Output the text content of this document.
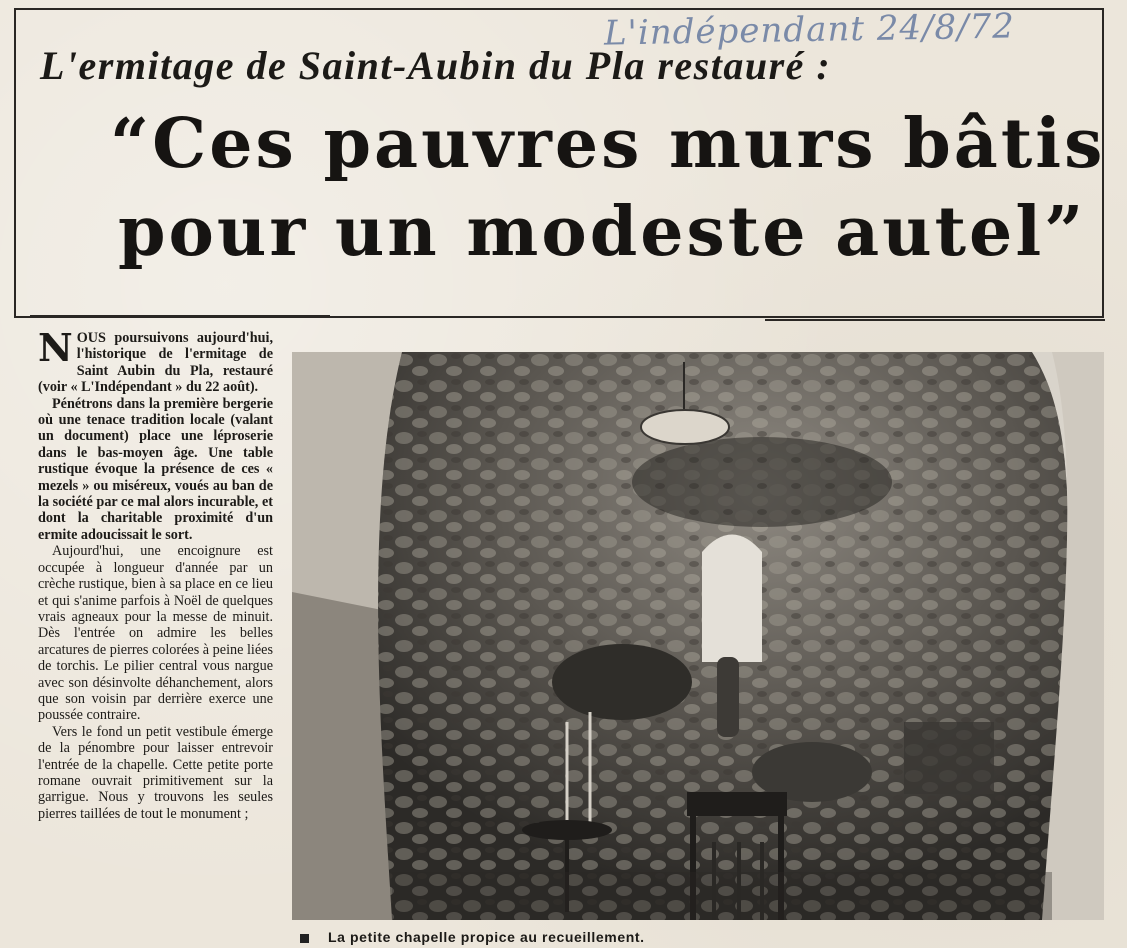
L'indépendant 24/8/72
L'ermitage de Saint-Aubin du Pla restauré :
“Ces pauvres murs bâtis
pour un modeste autel”

NOUS poursuivons aujourd'hui, l'historique de l'ermitage de Saint Aubin du Pla, restauré (voir « L'Indépendant » du 22 août).

Pénétrons dans la première bergerie où une tenace tradition locale (valant un document) place une léproserie dans le bas-moyen âge. Une table rustique évoque la présence de ces « mezels » ou miséreux, voués au ban de la société par ce mal alors incurable, et dont la charitable proximité d'un ermite adoucissait le sort.

Aujourd'hui, une encoignure est occupée à longueur d'année par un crèche rustique, bien à sa place en ce lieu et qui s'anime parfois à Noël de quelques vrais agneaux pour la messe de minuit. Dès l'entrée on admire les belles arcatures de pierres colorées à peine liées de torchis. Le pilier central vous nargue avec son désinvolte déhanchement, alors que son voisin par derrière exerce une poussée contraire.

Vers le fond un petit vestibule émerge de la pénombre pour laisser entrevoir l'entrée de la chapelle. Cette petite porte romane ouvrait primitivement sur la garrigue. Nous y trouvons les seules pierres taillées de tout le monument ;

La petite chapelle propice au recueillement.
